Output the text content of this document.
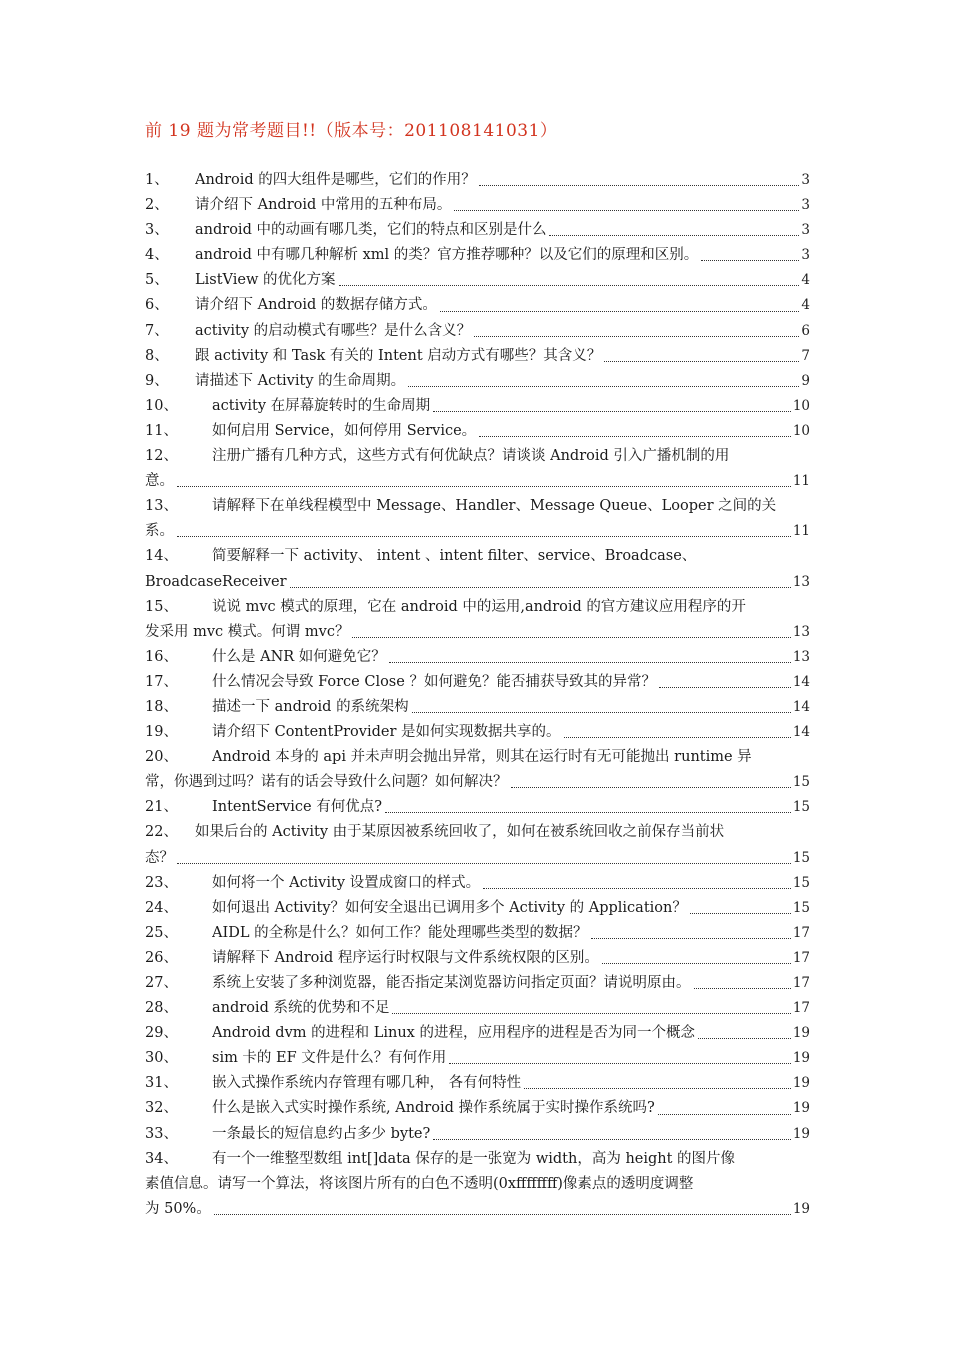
前 19 题为常考题目!!（版本号：201108141031）
1、	Android 的四大组件是哪些，它们的作用？	3
2、	请介绍下 Android 中常用的五种布局。	3
3、	android 中的动画有哪几类，它们的特点和区别是什么	3
4、	android 中有哪几种解析 xml 的类？官方推荐哪种？以及它们的原理和区别。	3
5、	ListView 的优化方案	4
6、	请介绍下 Android 的数据存储方式。	4
7、	activity 的启动模式有哪些？是什么含义？	6
8、	跟 activity 和 Task 有关的 Intent 启动方式有哪些？其含义？	7
9、	请描述下 Activity 的生命周期。	9
10、	activity 在屏幕旋转时的生命周期	10
11、	如何启用 Service，如何停用 Service。	10
12、	注册广播有几种方式，这些方式有何优缺点？请谈谈 Android 引入广播机制的用
意。	11
13、	请解释下在单线程模型中 Message、Handler、Message Queue、Looper 之间的关
系。	11
14、	简要解释一下 activity、 intent 、intent filter、service、Broadcase、
BroadcaseReceiver	13
15、	说说 mvc 模式的原理，它在 android 中的运用,android 的官方建议应用程序的开
发采用 mvc 模式。何谓 mvc？	13
16、	什么是 ANR 如何避免它？	13
17、	什么情况会导致 Force Close ？如何避免？能否捕获导致其的异常？	14
18、	描述一下 android 的系统架构	14
19、	请介绍下 ContentProvider 是如何实现数据共享的。	14
20、	Android 本身的 api 并未声明会抛出异常，则其在运行时有无可能抛出 runtime 异
常，你遇到过吗？诺有的话会导致什么问题？如何解决？	15
21、	IntentService 有何优点?	15
22、	如果后台的 Activity 由于某原因被系统回收了，如何在被系统回收之前保存当前状
态？	15
23、	如何将一个 Activity 设置成窗口的样式。	15
24、	如何退出 Activity？如何安全退出已调用多个 Activity 的 Application？	15
25、	AIDL 的全称是什么？如何工作？能处理哪些类型的数据？	17
26、	请解释下 Android 程序运行时权限与文件系统权限的区别。	17
27、	系统上安装了多种浏览器，能否指定某浏览器访问指定页面？请说明原由。	17
28、	android 系统的优势和不足	17
29、	Android dvm 的进程和 Linux 的进程，应用程序的进程是否为同一个概念	19
30、	sim 卡的 EF 文件是什么？有何作用	19
31、	嵌入式操作系统内存管理有哪几种， 各有何特性	19
32、	什么是嵌入式实时操作系统, Android 操作系统属于实时操作系统吗?	19
33、	一条最长的短信息约占多少 byte?	19
34、	有一个一维整型数组 int[]data 保存的是一张宽为 width，高为 height 的图片像
素值信息。请写一个算法，将该图片所有的白色不透明(0xffffffff)像素点的透明度调整
为 50%。	19
